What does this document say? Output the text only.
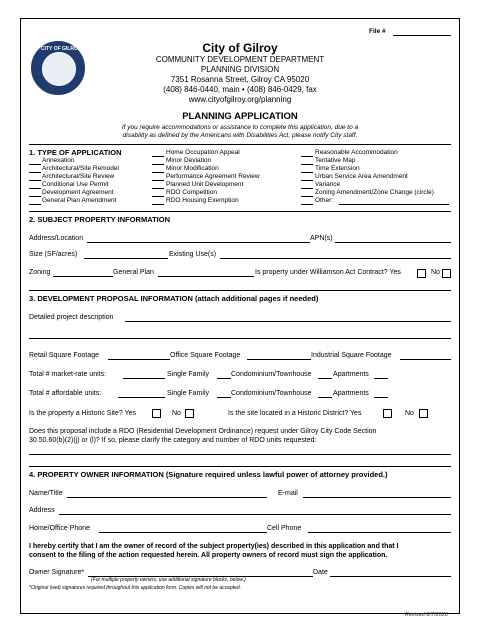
File #
CITY OF GILROY	City of Gilroy
COMMUNITY DEVELOPMENT DEPARTMENT
PLANNING DIVISION
7351 Rosanna Street, Gilroy CA 95020
(408) 846-0440, main • (408) 846-0429, fax
www.cityofgilroy.org/planning
PLANNING APPLICATION
If you require accommodations or assistance to complete this application, due to a
disability as defined by the Americans with Disabilities Act, please notify City staff.
1. TYPE OF APPLICATION
Annexation
Architectural/Site Remodel
Architectural/Site Review
Conditional Use Permit
Development Agreement
General Plan Amendment
Home Occupation Appeal
Minor Deviation
Minor Modification
Performance Agreement Review
Planned Unit Development
RDO Competition
RDO Housing Exemption
Reasonable Accommodation
Tentative Map
Time Extension
Urban Service Area Amendment
Variance
Zoning Amendment/Zone Change (circle)
Other:
2. SUBJECT PROPERTY INFORMATION
Address/Location	APN(s)
Size (SF/acres)	Existing Use(s)
Zoning	General Plan	Is property under Williamson Act Contract? Yes	No
3. DEVELOPMENT PROPOSAL INFORMATION (attach additional pages if needed)
Detailed project description
Retail Square Footage	Office Square Footage	Industrial Square Footage
Total # market-rate units:	Single Family	Condominium/Townhouse	Apartments
Total # affordable units:	Single Family	Condominium/Townhouse	Apartments
Is the property a Historic Site? Yes	No	Is the site located in a Historic District? Yes	No
Does this proposal include a RDO (Residential Development Ordinance) request under Gilroy City Code Section
30.50.60(b)(2)(j) or (l)? If so, please clarify the category and number of RDO units requested:
4. PROPERTY OWNER INFORMATION (Signature required unless lawful power of attorney provided.)
Name/Title	E-mail
Address
Home/Office Phone	Cell Phone
I hereby certify that I am the owner of record of the subject property(ies) described in this application and that I
consent to the filing of the action requested herein. All property owners of record must sign the application.
Owner Signature*	Date
(For multiple property owners, use additional signature blocks, below.)
*Original (wet) signatures required throughout this application form. Copies will not be accepted.
Revised 8/7/2026
